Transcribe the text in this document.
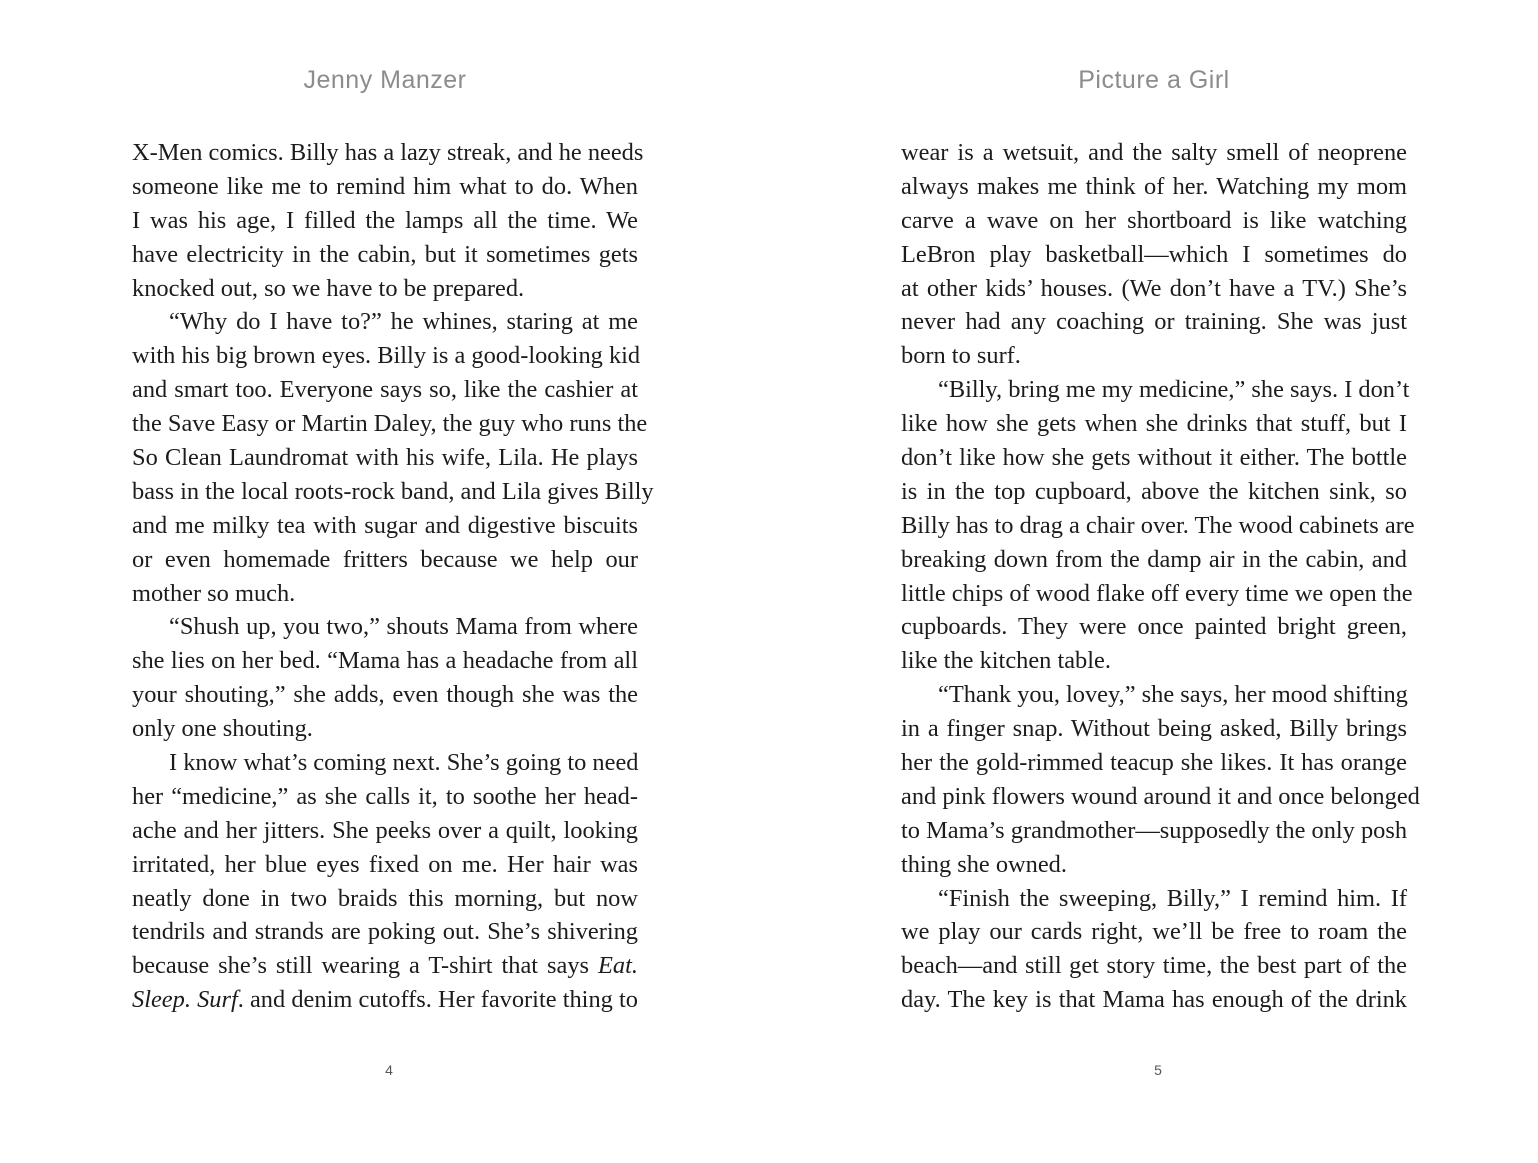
Jenny Manzer
X-Men comics. Billy has a lazy streak, and he needs
someone like me to remind him what to do. When
I was his age, I filled the lamps all the time. We
have electricity in the cabin, but it sometimes gets
knocked out, so we have to be prepared.
“Why do I have to?” he whines, staring at me
with his big brown eyes. Billy is a good-looking kid
and smart too. Everyone says so, like the cashier at
the Save Easy or Martin Daley, the guy who runs the
So Clean Laundromat with his wife, Lila. He plays
bass in the local roots-rock band, and Lila gives Billy
and me milky tea with sugar and digestive biscuits
or even homemade fritters because we help our
mother so much.
“Shush up, you two,” shouts Mama from where
she lies on her bed. “Mama has a headache from all
your shouting,” she adds, even though she was the
only one shouting.
I know what’s coming next. She’s going to need
her “medicine,” as she calls it, to soothe her head-
ache and her jitters. She peeks over a quilt, looking
irritated, her blue eyes fixed on me. Her hair was
neatly done in two braids this morning, but now
tendrils and strands are poking out. She’s shivering
because she’s still wearing a T-shirt that says Eat.
Sleep. Surf. and denim cutoffs. Her favorite thing to
4
Picture a Girl
wear is a wetsuit, and the salty smell of neoprene
always makes me think of her. Watching my mom
carve a wave on her shortboard is like watching
LeBron play basketball—which I sometimes do
at other kids’ houses. (We don’t have a TV.) She’s
never had any coaching or training. She was just
born to surf.
“Billy, bring me my medicine,” she says. I don’t
like how she gets when she drinks that stuff, but I
don’t like how she gets without it either. The bottle
is in the top cupboard, above the kitchen sink, so
Billy has to drag a chair over. The wood cabinets are
breaking down from the damp air in the cabin, and
little chips of wood flake off every time we open the
cupboards. They were once painted bright green,
like the kitchen table.
“Thank you, lovey,” she says, her mood shifting
in a finger snap. Without being asked, Billy brings
her the gold-rimmed teacup she likes. It has orange
and pink flowers wound around it and once belonged
to Mama’s grandmother—supposedly the only posh
thing she owned.
“Finish the sweeping, Billy,” I remind him. If
we play our cards right, we’ll be free to roam the
beach—and still get story time, the best part of the
day. The key is that Mama has enough of the drink
5
